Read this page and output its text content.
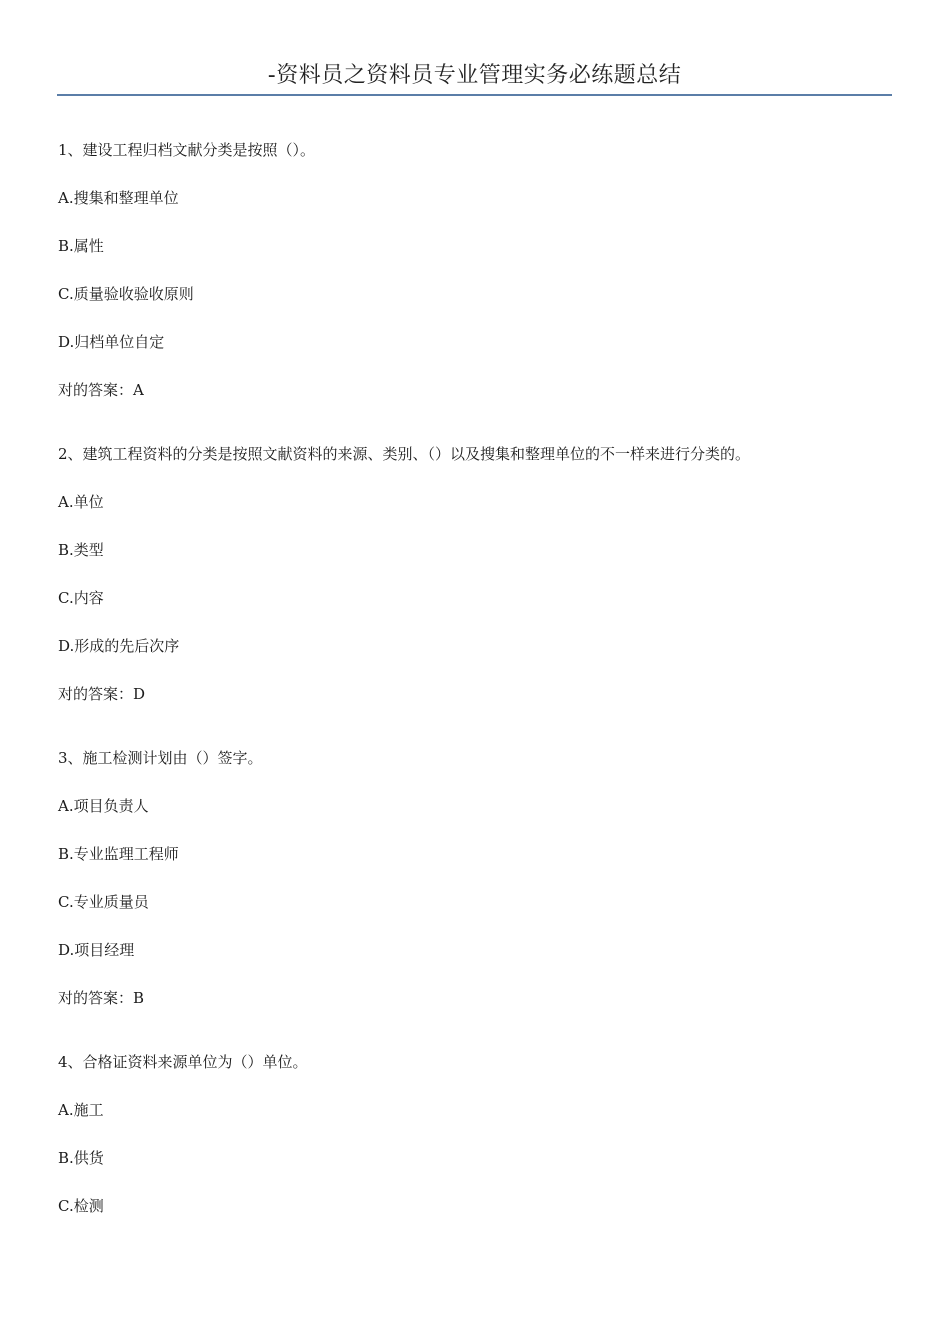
-资料员之资料员专业管理实务必练题总结
1、建设工程归档文献分类是按照（）。
A.搜集和整理单位
B.属性
C.质量验收验收原则
D.归档单位自定
对的答案：A
2、建筑工程资料的分类是按照文献资料的来源、类别、（）以及搜集和整理单位的不一样来进行分类的。
A.单位
B.类型
C.内容
D.形成的先后次序
对的答案：D
3、施工检测计划由（）签字。
A.项目负责人
B.专业监理工程师
C.专业质量员
D.项目经理
对的答案：B
4、合格证资料来源单位为（）单位。
A.施工
B.供货
C.检测
